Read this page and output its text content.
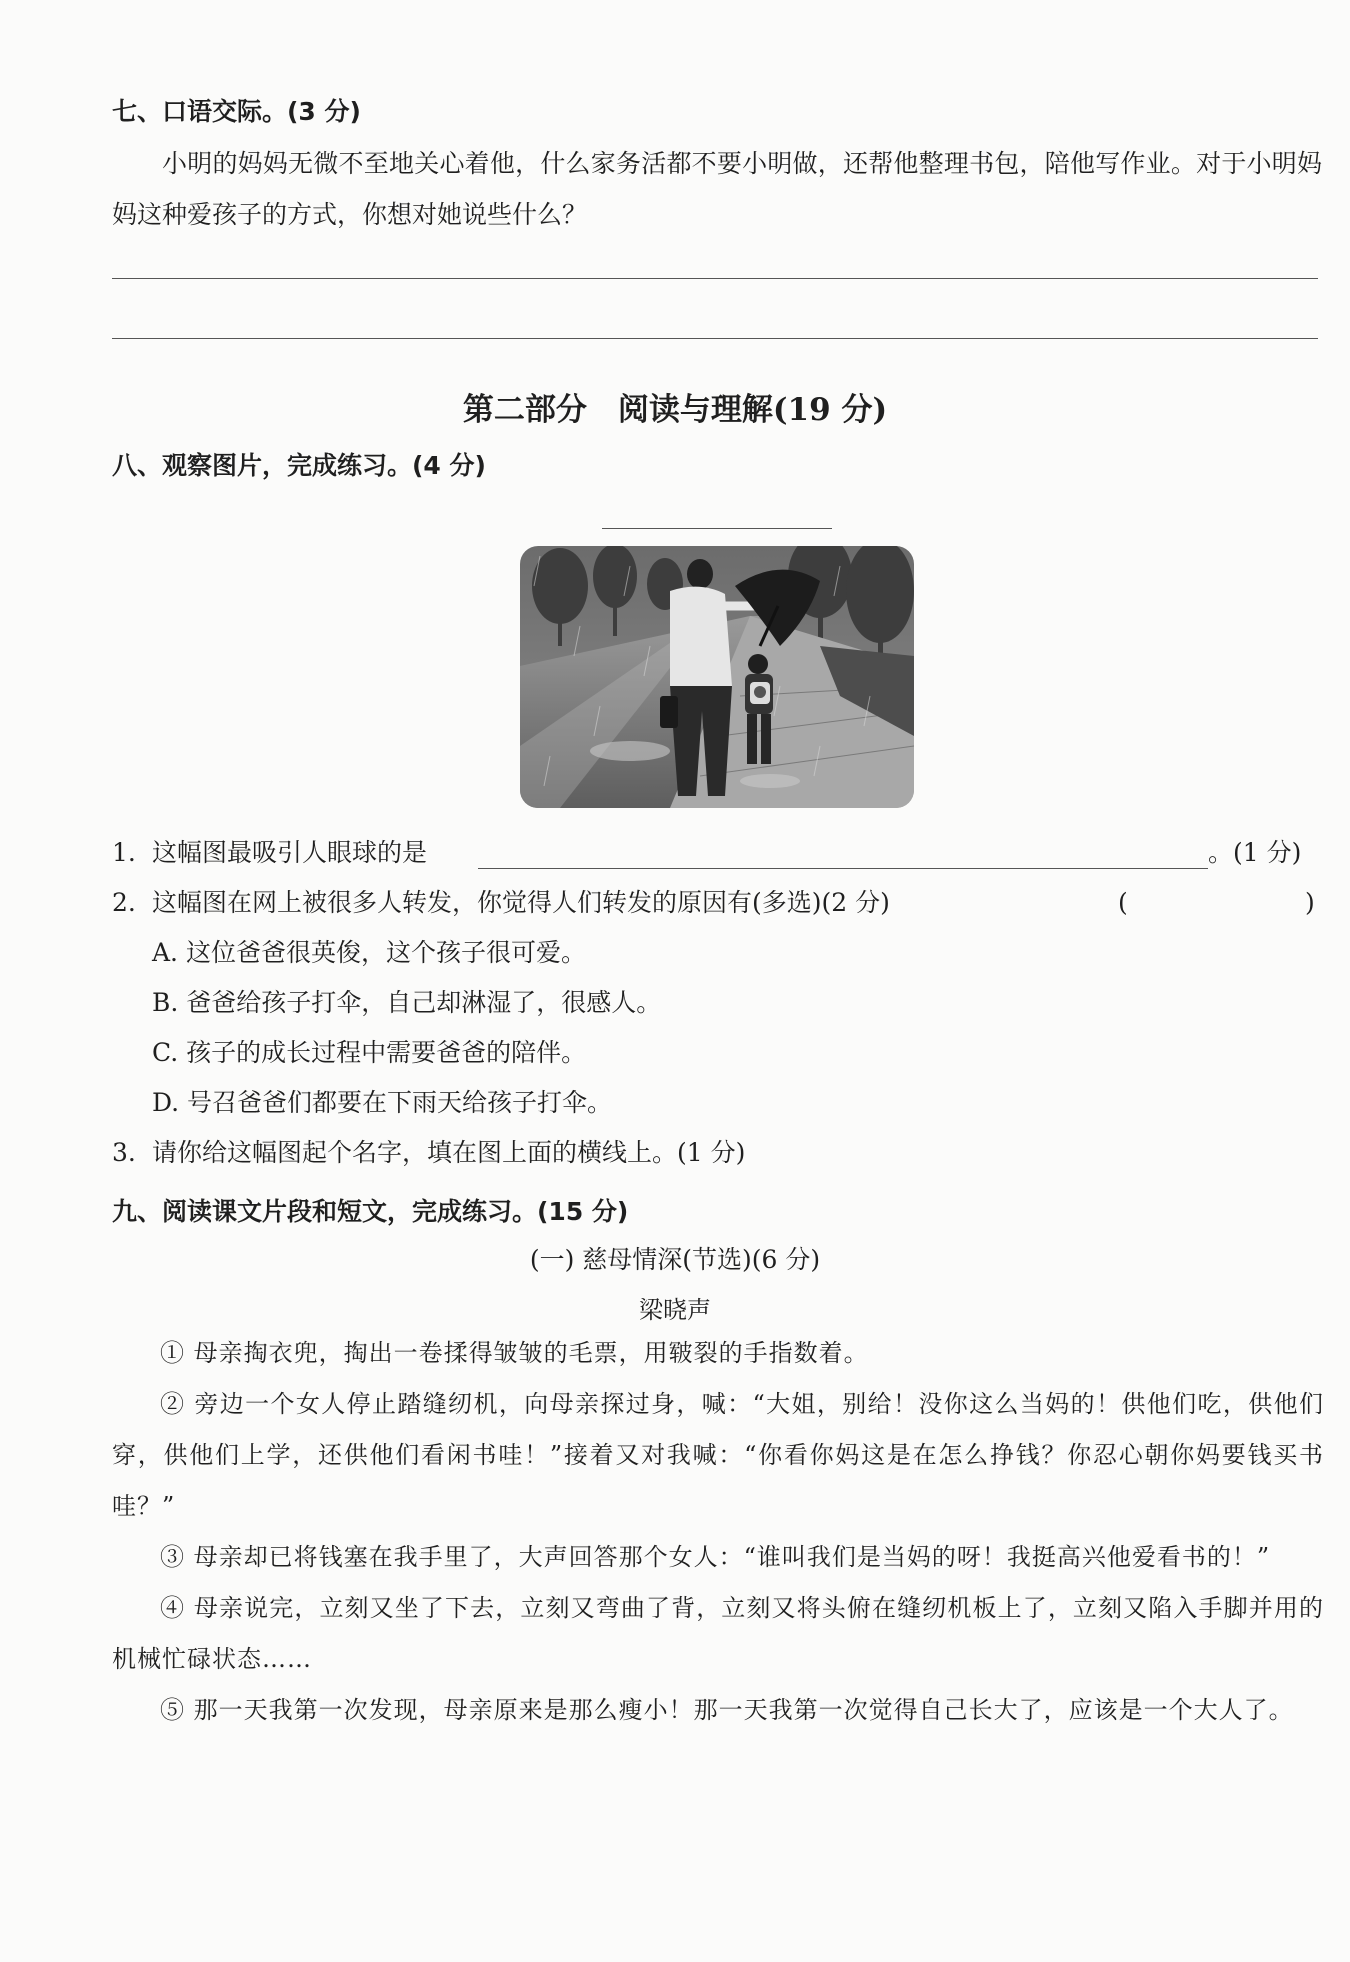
七、口语交际。(3 分)
小明的妈妈无微不至地关心着他，什么家务活都不要小明做，还帮他整理书包，陪他写作业。对于小明妈妈这种爱孩子的方式，你想对她说些什么？
第二部分　阅读与理解(19 分)
八、观察图片，完成练习。(4 分)
1. 这幅图最吸引人眼球的是	。(1 分)
2. 这幅图在网上被很多人转发，你觉得人们转发的原因有(多选)(2 分)	(	)
A. 这位爸爸很英俊，这个孩子很可爱。
B. 爸爸给孩子打伞，自己却淋湿了，很感人。
C. 孩子的成长过程中需要爸爸的陪伴。
D. 号召爸爸们都要在下雨天给孩子打伞。
3. 请你给这幅图起个名字，填在图上面的横线上。(1 分)
九、阅读课文片段和短文，完成练习。(15 分)
(一) 慈母情深(节选)(6 分)
梁晓声
① 母亲掏衣兜，掏出一卷揉得皱皱的毛票，用皲裂的手指数着。
② 旁边一个女人停止踏缝纫机，向母亲探过身，喊：“大姐，别给！没你这么当妈的！供他们吃，供他们穿，供他们上学，还供他们看闲书哇！”接着又对我喊：“你看你妈这是在怎么挣钱？你忍心朝你妈要钱买书哇？”
③ 母亲却已将钱塞在我手里了，大声回答那个女人：“谁叫我们是当妈的呀！我挺高兴他爱看书的！”
④ 母亲说完，立刻又坐了下去，立刻又弯曲了背，立刻又将头俯在缝纫机板上了，立刻又陷入手脚并用的机械忙碌状态……
⑤ 那一天我第一次发现，母亲原来是那么瘦小！那一天我第一次觉得自己长大了，应该是一个大人了。
